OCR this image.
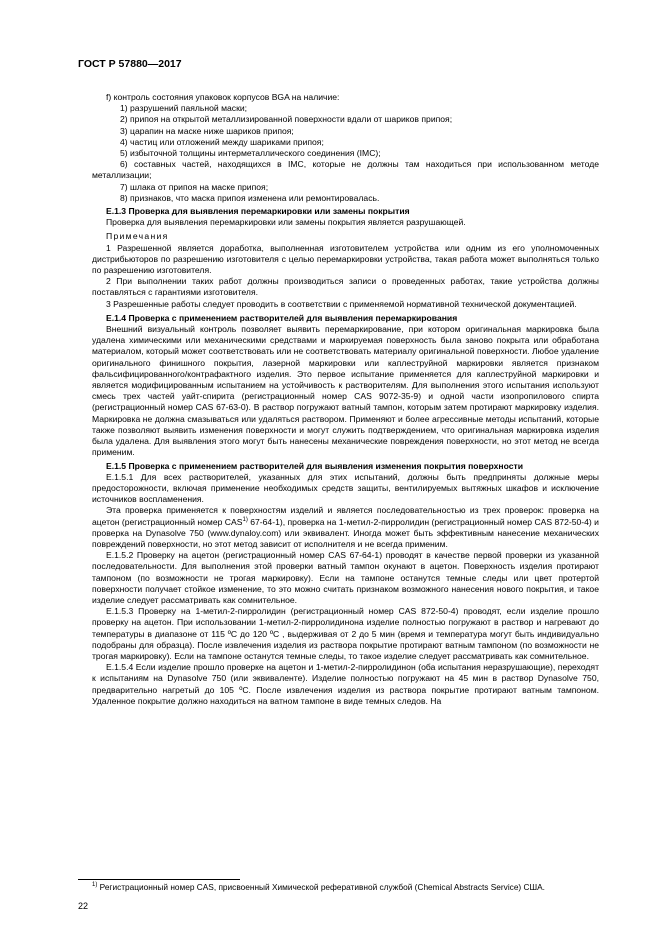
ГОСТ Р 57880—2017

f) контроль состояния упаковок корпусов BGA на наличие:

1) разрушений паяльной маски;

2) припоя на открытой металлизированной поверхности вдали от шариков припоя;

3) царапин на маске ниже шариков припоя;

4) частиц или отложений между шариками припоя;

5) избыточной толщины интерметаллического соединения (IMC);

6) составных частей, находящихся в IMC, которые не должны там находиться при использованном методе металлизации;

7) шлака от припоя на маске припоя;

8) признаков, что маска припоя изменена или ремонтировалась.

Е.1.3 Проверка для выявления перемаркировки или замены покрытия

Проверка для выявления перемаркировки или замены покрытия является разрушающей.

Примечания

1 Разрешенной является доработка, выполненная изготовителем устройства или одним из его уполномоченных дистрибьюторов по разрешению изготовителя с целью перемаркировки устройства, такая работа может выполняться только по разрешению изготовителя.

2 При выполнении таких работ должны производиться записи о проведенных работах, такие устройства должны поставляться с гарантиями изготовителя.

3 Разрешенные работы следует проводить в соответствии с применяемой нормативной технической документацией.

Е.1.4 Проверка с применением растворителей для выявления перемаркирования

Внешний визуальный контроль позволяет выявить перемаркирование, при котором оригинальная маркировка была удалена химическими или механическими средствами и маркируемая поверхность была заново покрыта или обработана материалом, который может соответствовать или не соответствовать материалу оригинальной поверхности. Любое удаление оригинального финишного покрытия, лазерной маркировки или каплеструйной маркировки является признаком фальсифицированного/контрафактного изделия. Это первое испытание применяется для каплеструйной маркировки и является модифицированным испытанием на устойчивость к растворителям. Для выполнения этого испытания используют смесь трех частей уайт-спирита (регистрационный номер CAS 9072-35-9) и одной части изопропилового спирта (регистрационный номер CAS 67-63-0). В раствор погружают ватный тампон, которым затем протирают маркировку изделия. Маркировка не должна смазываться или удаляться раствором. Применяют и более агрессивные методы испытаний, которые также позволяют выявить изменения поверхности и могут служить подтверждением, что оригинальная маркировка изделия была удалена. Для выявления этого могут быть нанесены механические повреждения поверхности, но этот метод не всегда применим.

Е.1.5 Проверка с применением растворителей для выявления изменения покрытия поверхности

Е.1.5.1 Для всех растворителей, указанных для этих испытаний, должны быть предприняты должные меры предосторожности, включая применение необходимых средств защиты, вентилируемых вытяжных шкафов и исключение источников воспламенения.

Эта проверка применяется к поверхностям изделий и является последовательностью из трех проверок: проверка на ацетон (регистрационный номер CAS$^{1)}$ 67-64-1), проверка на 1-метил-2-пирролидин (регистрационный номер CAS 872-50-4) и проверка на Dynasolve 750 (www.dynaloy.com) или эквивалент. Иногда может быть эффективным нанесение механических повреждений поверхности, но этот метод зависит от исполнителя и не всегда применим.

Е.1.5.2 Проверку на ацетон (регистрационный номер CAS 67-64-1) проводят в качестве первой проверки из указанной последовательности. Для выполнения этой проверки ватный тампон окунают в ацетон. Поверхность изделия протирают тампоном (по возможности не трогая маркировку). Если на тампоне останутся темные следы или цвет протертой поверхности получает стойкое изменение, то это можно считать признаком возможного нанесения нового покрытия, и такое изделие следует рассматривать как сомнительное.

Е.1.5.3 Проверку на 1-метил-2-пирролидин (регистрационный номер CAS 872-50-4) проводят, если изделие прошло проверку на ацетон. При использовании 1-метил-2-пирролидинона изделие полностью погружают в раствор и нагревают до температуры в диапазоне от 115 ºС до 120 ºС , выдерживая от 2 до 5 мин (время и температура могут быть индивидуально подобраны для образца). После извлечения изделия из раствора покрытие протирают ватным тампоном (по возможности не трогая маркировку). Если на тампоне останутся темные следы, то такое изделие следует рассматривать как сомнительное.

Е.1.5.4 Если изделие прошло проверке на ацетон и 1-метил-2-пирролидинон (оба испытания неразрушающие), переходят к испытаниям на Dynasolve 750 (или эквиваленте). Изделие полностью погружают на 45 мин в раствор Dynasolve 750, предварительно нагретый до 105 ºС. После извлечения изделия из раствора покрытие протирают ватным тампоном. Удаленное покрытие должно находиться на ватном тампоне в виде темных следов. На

$^{1)}$ Регистрационный номер CAS, присвоенный Химической реферативной службой (Chemical Abstracts Service) США.
22
